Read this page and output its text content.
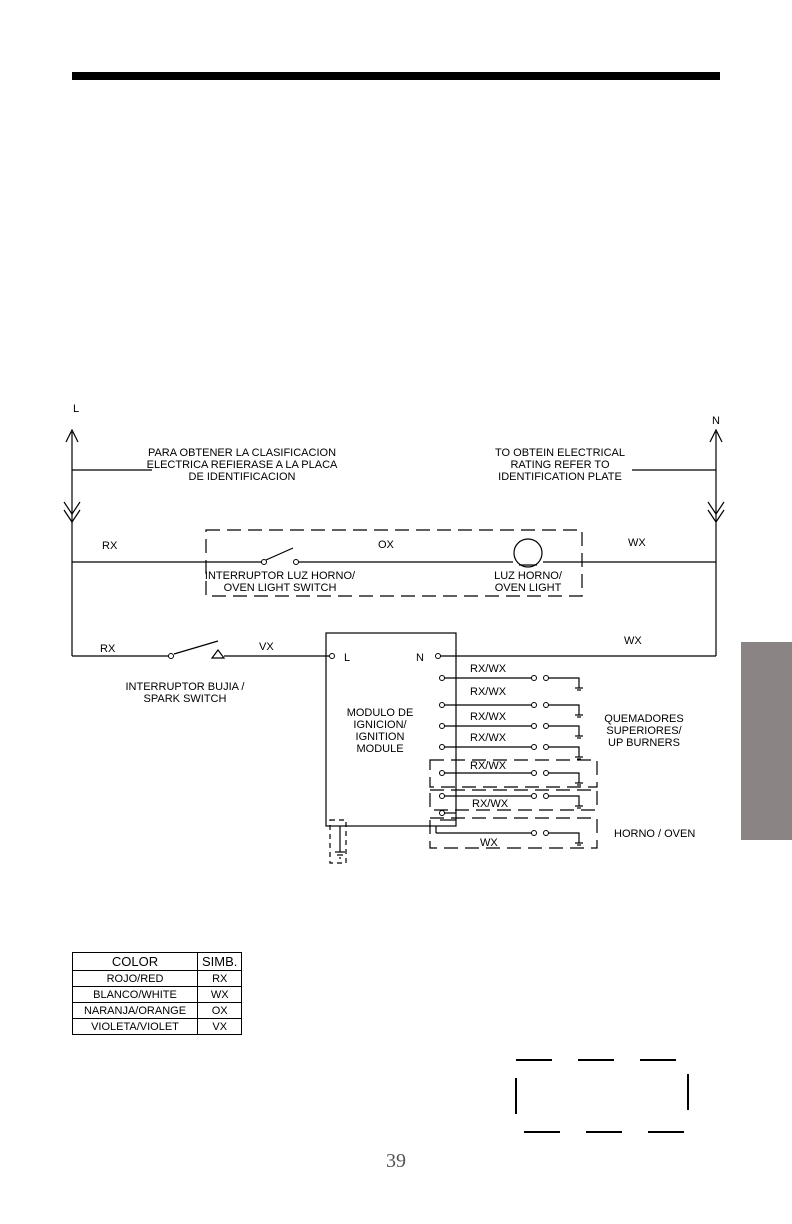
L
N
PARA OBTENER LA CLASIFICACION
ELECTRICA REFIERASE A LA PLACA
DE IDENTIFICACION
TO OBTEIN ELECTRICAL
RATING REFER TO
IDENTIFICATION PLATE
RX	OX	WX
INTERRUPTOR LUZ HORNO/
OVEN LIGHT SWITCH
LUZ HORNO/
OVEN LIGHT
RX	VX	WX
INTERRUPTOR BUJIA /
SPARK SWITCH
L	N
MODULO DE
IGNICION/
IGNITION
MODULE
RX/WX
RX/WX
RX/WX
RX/WX
RX/WX
RX/WX
WX
QUEMADORES
SUPERIORES/
UP BURNERS
HORNO / OVEN
COLOR	SIMB.
ROJO/RED	RX
BLANCO/WHITE	WX
NARANJA/ORANGE	OX
VIOLETA/VIOLET	VX
39
